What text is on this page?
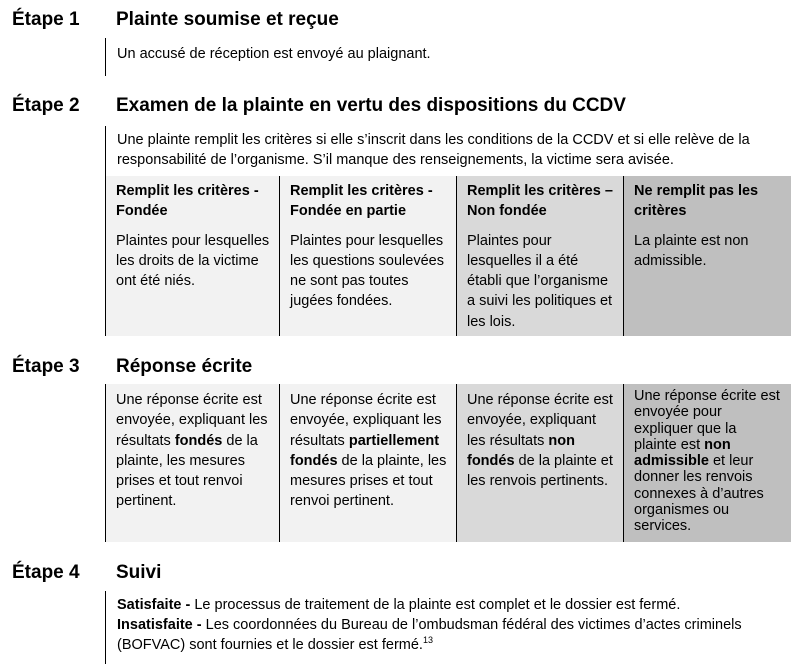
Étape 1 Plainte soumise et reçue
Un accusé de réception est envoyé au plaignant.
Étape 2 Examen de la plainte en vertu des dispositions du CCDV
Une plainte remplit les critères si elle s’inscrit dans les conditions de la CCDV et si elle relève de la
responsabilité de l’organisme. S’il manque des renseignements, la victime sera avisée.
Remplit les critères - Fondée
Plaintes pour lesquelles les droits de la victime ont été niés.
Remplit les critères - Fondée en partie
Plaintes pour lesquelles les questions soulevées ne sont pas toutes jugées fondées.
Remplit les critères – Non fondée
Plaintes pour lesquelles il a été établi que l’organisme a suivi les politiques et les lois.
Ne remplit pas les critères
La plainte est non admissible.
Étape 3 Réponse écrite
Une réponse écrite est envoyée, expliquant les résultats fondés de la plainte, les mesures prises et tout renvoi pertinent.
Une réponse écrite est envoyée, expliquant les résultats partiellement fondés de la plainte, les mesures prises et tout renvoi pertinent.
Une réponse écrite est envoyée, expliquant les résultats non fondés de la plainte et les renvois pertinents.
Une réponse écrite est envoyée pour expliquer que la plainte est non admissible et leur donner les renvois connexes à d’autres organismes ou services.
Étape 4 Suivi
Satisfaite - Le processus de traitement de la plainte est complet et le dossier est fermé.
Insatisfaite - Les coordonnées du Bureau de l’ombudsman fédéral des victimes d’actes criminels
(BOFVAC) sont fournies et le dossier est fermé.$^{13}$
